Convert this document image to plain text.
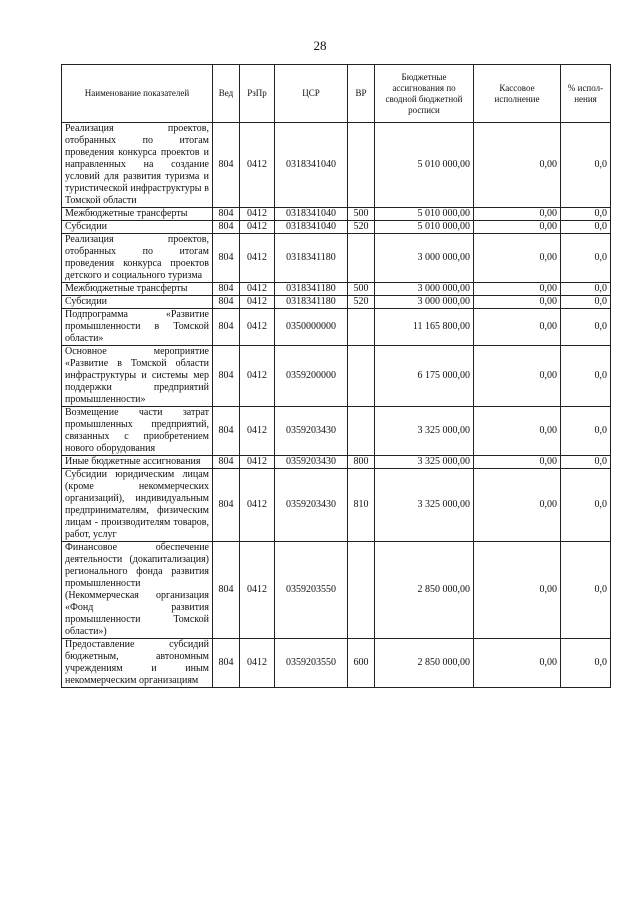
28
Наименование показателей	Вед	РзПр	ЦСР	ВР	Бюджетные ассигнования по сводной бюджетной росписи	Кассовое исполнение	% испол-нения
Реализация проектов, отобранных по итогам проведения конкурса проектов и направленных на создание условий для развития туризма и туристической инфраструктуры в Томской области	804	0412	0318341040		5 010 000,00	0,00	0,0
Межбюджетные трансферты	804	0412	0318341040	500	5 010 000,00	0,00	0,0
Субсидии	804	0412	0318341040	520	5 010 000,00	0,00	0,0
Реализация проектов, отобранных по итогам проведения конкурса проектов детского и социального туризма	804	0412	0318341180		3 000 000,00	0,00	0,0
Межбюджетные трансферты	804	0412	0318341180	500	3 000 000,00	0,00	0,0
Субсидии	804	0412	0318341180	520	3 000 000,00	0,00	0,0
Подпрограмма «Развитие промышленности в Томской области»	804	0412	0350000000		11 165 800,00	0,00	0,0
Основное мероприятие «Развитие в Томской области инфраструктуры и системы мер поддержки предприятий промышленности»	804	0412	0359200000		6 175 000,00	0,00	0,0
Возмещение части затрат промышленных предприятий, связанных с приобретением нового оборудования	804	0412	0359203430		3 325 000,00	0,00	0,0
Иные бюджетные ассигнования	804	0412	0359203430	800	3 325 000,00	0,00	0,0
Субсидии юридическим лицам (кроме некоммерческих организаций), индивидуальным предпринимателям, физическим лицам - производителям товаров, работ, услуг	804	0412	0359203430	810	3 325 000,00	0,00	0,0
Финансовое обеспечение деятельности (докапитализация) регионального фонда развития промышленности (Некоммерческая организация «Фонд развития промышленности Томской области»)	804	0412	0359203550		2 850 000,00	0,00	0,0
Предоставление субсидий бюджетным, автономным учреждениям и иным некоммерческим организациям	804	0412	0359203550	600	2 850 000,00	0,00	0,0
